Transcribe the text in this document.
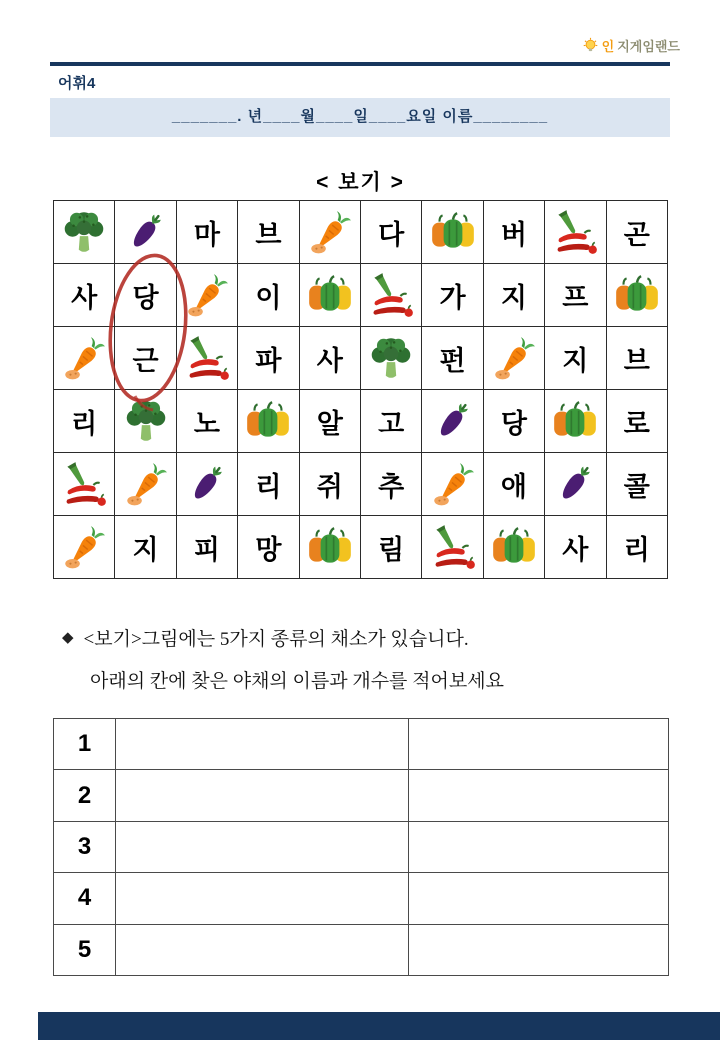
인 지게임랜드
어휘4
_______. 년____월____일____요일 이름________
< 보기 >
		마	브		다		버		곤
사	당		이			가	지	프	
	근		파	사		펀		지	브
리		노		알	고		당		로
			리	쥐	추		애		콜
	지	피	망		림			사	리
◆ <보기>그림에는 5가지 종류의 채소가 있습니다.
아래의 칸에 찾은 야채의 이름과 개수를 적어보세요
1		
2		
3		
4		
5		
